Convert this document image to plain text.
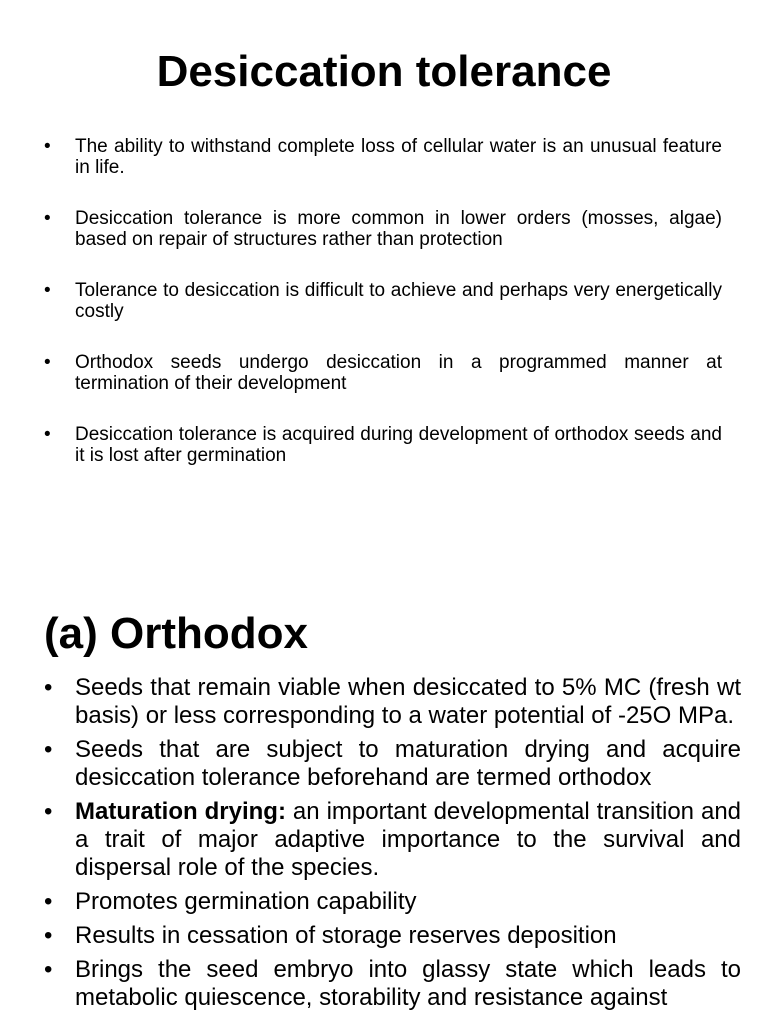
Desiccation tolerance
• The ability to withstand complete loss of cellular water is an unusual feature in life.
• Desiccation tolerance is more common in lower orders (mosses, algae) based on repair of structures rather than protection
• Tolerance to desiccation is difficult to achieve and perhaps very energetically costly
• Orthodox seeds undergo desiccation in a programmed manner at termination of their development
• Desiccation tolerance is acquired during development of orthodox seeds and it is lost after germination
(a) Orthodox
• Seeds that remain viable when desiccated to 5% MC (fresh wt basis) or less corresponding to a water potential of -25O MPa.
• Seeds that are subject to maturation drying and acquire desiccation tolerance beforehand are termed orthodox
• Maturation drying: an important developmental transition and a trait of major adaptive importance to the survival and dispersal role of the species.
• Promotes germination capability
• Results in cessation of storage reserves deposition
• Brings the seed embryo into glassy state which leads to metabolic quiescence, storability and resistance against
